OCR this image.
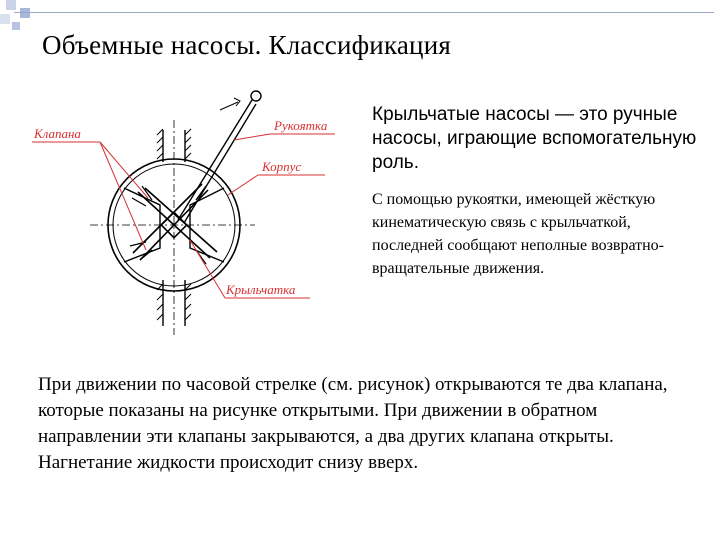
Объемные насосы. Классификация
Клапана
Рукоятка
Корпус
Крыльчатка
Крыльчатые насосы — это ручные насосы, играющие вспомогательную роль.
С помощью рукоятки, имеющей жёсткую кинематическую связь с крыльчаткой, последней сообщают неполные возвратно-вращательные движения.
При движении по часовой стрелке (см. рисунок) открываются те два клапана, которые показаны на рисунке открытыми. При движении в обратном направлении эти клапаны закрываются, а два других клапана открыты. Нагнетание жидкости происходит снизу вверх.
